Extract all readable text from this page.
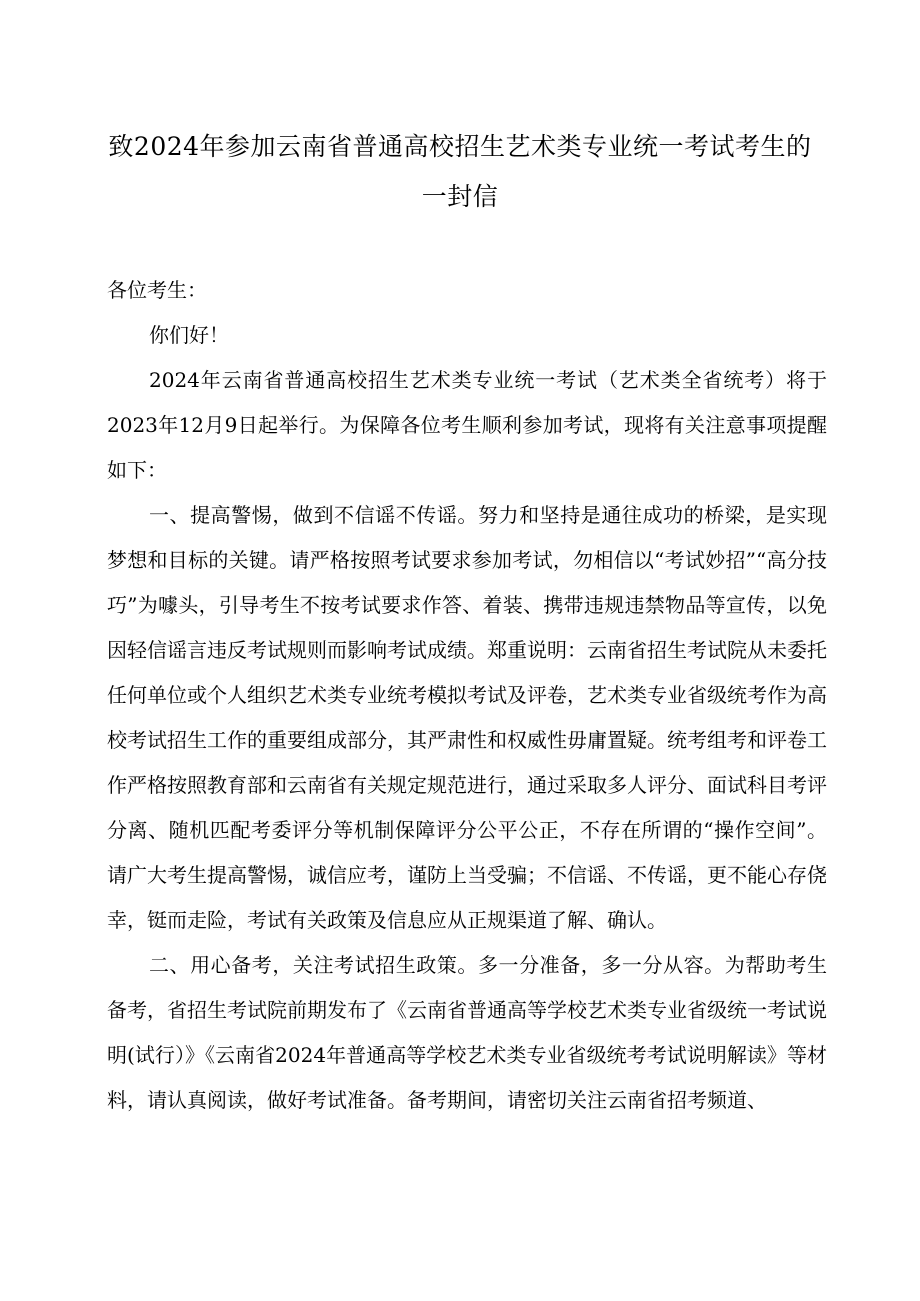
致2024年参加云南省普通高校招生艺术类专业统一考试考生的
一封信

各位考生：

你们好！

2024年云南省普通高校招生艺术类专业统一考试（艺术类全省统考）将于2023年12月9日起举行。为保障各位考生顺利参加考试，现将有关注意事项提醒如下：

一、提高警惕，做到不信谣不传谣。努力和坚持是通往成功的桥梁，是实现梦想和目标的关键。请严格按照考试要求参加考试，勿相信以“考试妙招”“高分技巧”为噱头，引导考生不按考试要求作答、着装、携带违规违禁物品等宣传，以免因轻信谣言违反考试规则而影响考试成绩。郑重说明：云南省招生考试院从未委托任何单位或个人组织艺术类专业统考模拟考试及评卷，艺术类专业省级统考作为高校考试招生工作的重要组成部分，其严肃性和权威性毋庸置疑。统考组考和评卷工作严格按照教育部和云南省有关规定规范进行，通过采取多人评分、面试科目考评分离、随机匹配考委评分等机制保障评分公平公正，不存在所谓的“操作空间”。请广大考生提高警惕，诚信应考，谨防上当受骗；不信谣、不传谣，更不能心存侥幸，铤而走险，考试有关政策及信息应从正规渠道了解、确认。

二、用心备考，关注考试招生政策。多一分准备，多一分从容。为帮助考生备考，省招生考试院前期发布了《云南省普通高等学校艺术类专业省级统一考试说明(试行）》《云南省2024年普通高等学校艺术类专业省级统考考试说明解读》等材料，请认真阅读，做好考试准备。备考期间，请密切关注云南省招考频道、
